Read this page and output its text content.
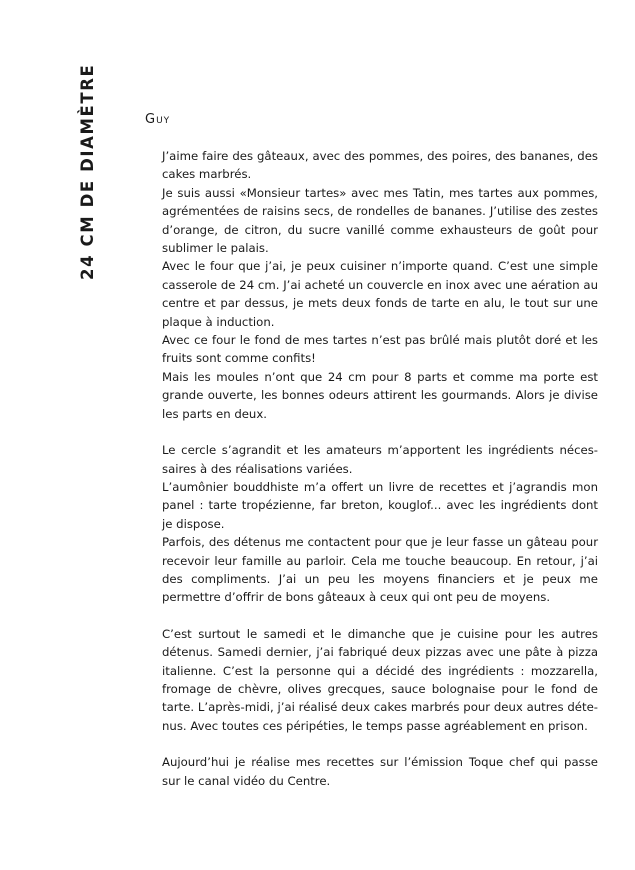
24 CM DE DIAMÈTRE	Guy

J’aime faire des gâteaux, avec des pommes, des poires, des bananes, des cakes marbrés.

Je suis aussi «Monsieur tartes» avec mes Tatin, mes tartes aux pommes, agrémentées de raisins secs, de rondelles de bananes. J’utilise des zestes d’orange, de citron, du sucre vanillé comme exhausteurs de goût pour sublimer le palais.

Avec le four que j’ai, je peux cuisiner n’importe quand. C’est une simple casserole de 24 cm. J’ai acheté un couvercle en inox avec une aération au centre et par dessus, je mets deux fonds de tarte en alu, le tout sur une plaque à induction.

Avec ce four le fond de mes tartes n’est pas brûlé mais plutôt doré et les fruits sont comme confits!

Mais les moules n’ont que 24 cm pour 8 parts et comme ma porte est grande ouverte, les bonnes odeurs attirent les gourmands. Alors je divise les parts en deux.

Le cercle s’agrandit et les amateurs m’apportent les ingrédients nécessaires à des réalisations variées.

L’aumônier bouddhiste m’a offert un livre de recettes et j’agrandis mon panel : tarte tropézienne, far breton, kouglof... avec les ingrédients dont je dispose.

Parfois, des détenus me contactent pour que je leur fasse un gâteau pour recevoir leur famille au parloir. Cela me touche beaucoup. En retour, j’ai des compliments. J’ai un peu les moyens financiers et je peux me permettre d’offrir de bons gâteaux à ceux qui ont peu de moyens.

C’est surtout le samedi et le dimanche que je cuisine pour les autres détenus. Samedi dernier, j’ai fabriqué deux pizzas avec une pâte à pizza italienne. C’est la personne qui a décidé des ingrédients : mozzarella, fromage de chèvre, olives grecques, sauce bolognaise pour le fond de tarte. L’après-midi, j’ai réalisé deux cakes marbrés pour deux autres détenus. Avec toutes ces péripéties, le temps passe agréablement en prison.

Aujourd’hui je réalise mes recettes sur l’émission Toque chef qui passe sur le canal vidéo du Centre.
